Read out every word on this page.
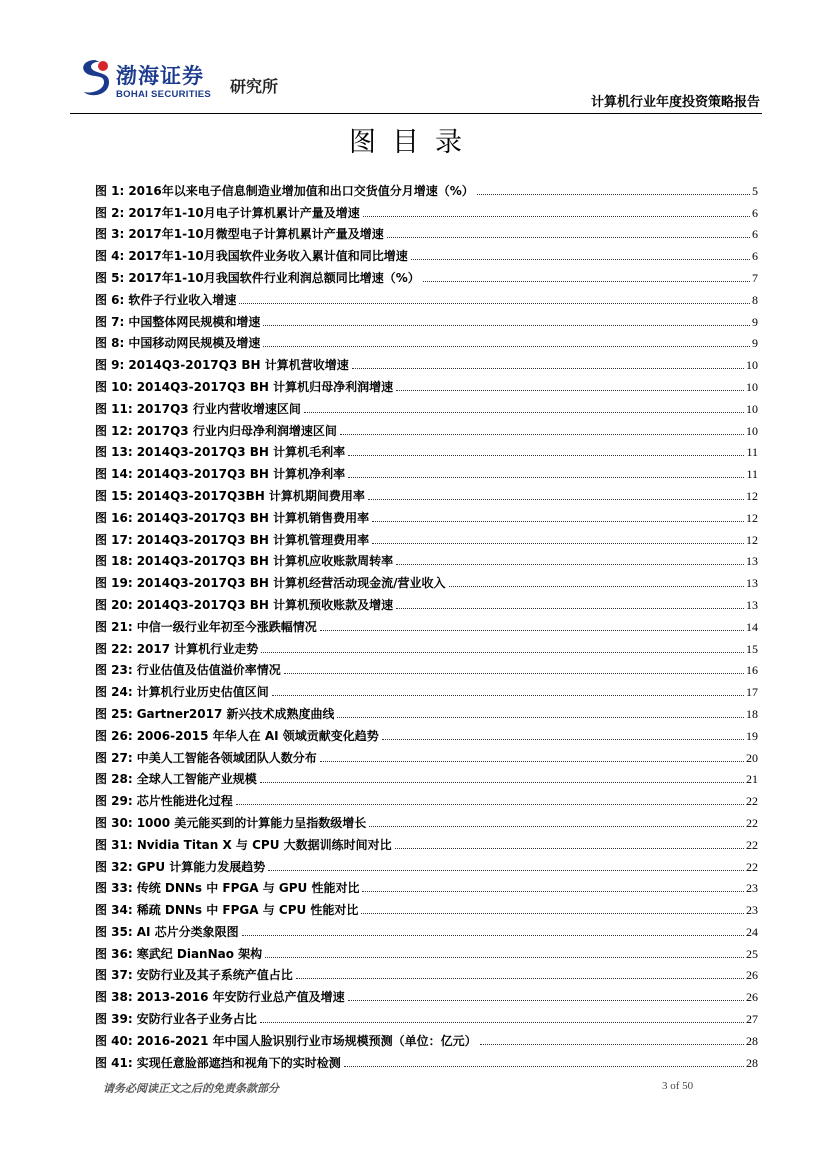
渤海证券
BOHAI SECURITIES 研究所
计算机行业年度投资策略报告
图目录
图 1: 2016年以来电子信息制造业增加值和出口交货值分月增速（%）	5
图 2: 2017年1-10月电子计算机累计产量及增速	6
图 3: 2017年1-10月微型电子计算机累计产量及增速	6
图 4: 2017年1-10月我国软件业务收入累计值和同比增速	6
图 5: 2017年1-10月我国软件行业利润总额同比增速（%）	7
图 6: 软件子行业收入增速	8
图 7: 中国整体网民规模和增速	9
图 8: 中国移动网民规模及增速	9
图 9: 2014Q3-2017Q3 BH 计算机营收增速	10
图 10: 2014Q3-2017Q3 BH 计算机归母净利润增速	10
图 11: 2017Q3 行业内营收增速区间	10
图 12: 2017Q3 行业内归母净利润增速区间	10
图 13: 2014Q3-2017Q3 BH 计算机毛利率	11
图 14: 2014Q3-2017Q3 BH 计算机净利率	11
图 15: 2014Q3-2017Q3BH 计算机期间费用率	12
图 16: 2014Q3-2017Q3 BH 计算机销售费用率	12
图 17: 2014Q3-2017Q3 BH 计算机管理费用率	12
图 18: 2014Q3-2017Q3 BH 计算机应收账款周转率	13
图 19: 2014Q3-2017Q3 BH 计算机经营活动现金流/营业收入	13
图 20: 2014Q3-2017Q3 BH 计算机预收账款及增速	13
图 21: 中信一级行业年初至今涨跌幅情况	14
图 22: 2017 计算机行业走势	15
图 23: 行业估值及估值溢价率情况	16
图 24: 计算机行业历史估值区间	17
图 25: Gartner2017 新兴技术成熟度曲线	18
图 26: 2006-2015 年华人在 AI 领域贡献变化趋势	19
图 27: 中美人工智能各领域团队人数分布	20
图 28: 全球人工智能产业规模	21
图 29: 芯片性能进化过程	22
图 30: 1000 美元能买到的计算能力呈指数级增长	22
图 31: Nvidia Titan X 与 CPU 大数据训练时间对比	22
图 32: GPU 计算能力发展趋势	22
图 33: 传统 DNNs 中 FPGA 与 GPU 性能对比	23
图 34: 稀疏 DNNs 中 FPGA 与 CPU 性能对比	23
图 35: AI 芯片分类象限图	24
图 36: 寒武纪 DianNao 架构	25
图 37: 安防行业及其子系统产值占比	26
图 38: 2013-2016 年安防行业总产值及增速	26
图 39: 安防行业各子业务占比	27
图 40: 2016-2021 年中国人脸识别行业市场规模预测（单位：亿元）	28
图 41: 实现任意脸部遮挡和视角下的实时检测	28
请务必阅读正文之后的免责条款部分	3 of 50
